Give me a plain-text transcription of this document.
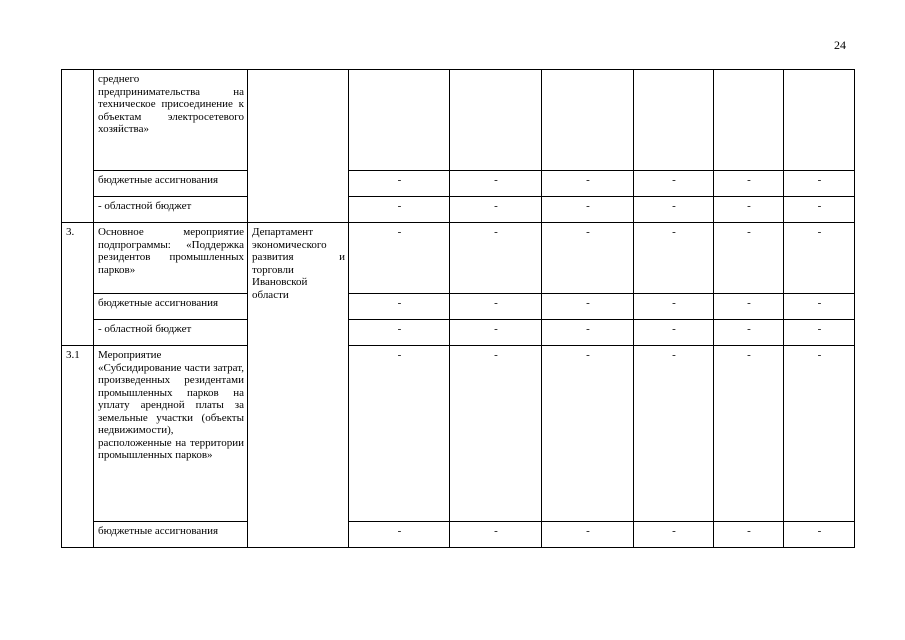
24

	среднего предпринимательства на техническое присоединение к объектам электросетевого хозяйства»							

	бюджетные ассигнования		-	-	-	-	-	-
	- областной бюджет		-	-	-	-	-	-
3.	Основное мероприятие подпрограммы: «Поддержка резидентов промышленных парков»	Департамент экономического развития и торговли Ивановской области	-	-	-	-	-	-
	бюджетные ассигнования		-	-	-	-	-	-
	- областной бюджет		-	-	-	-	-	-
3.1	Мероприятие «Субсидирование части затрат, произведенных резидентами промышленных парков на уплату арендной платы за земельные участки (объекты недвижимости), расположенные на территории промышленных парков»		-	-	-	-	-	-
	бюджетные ассигнования		-	-	-	-	-	-
